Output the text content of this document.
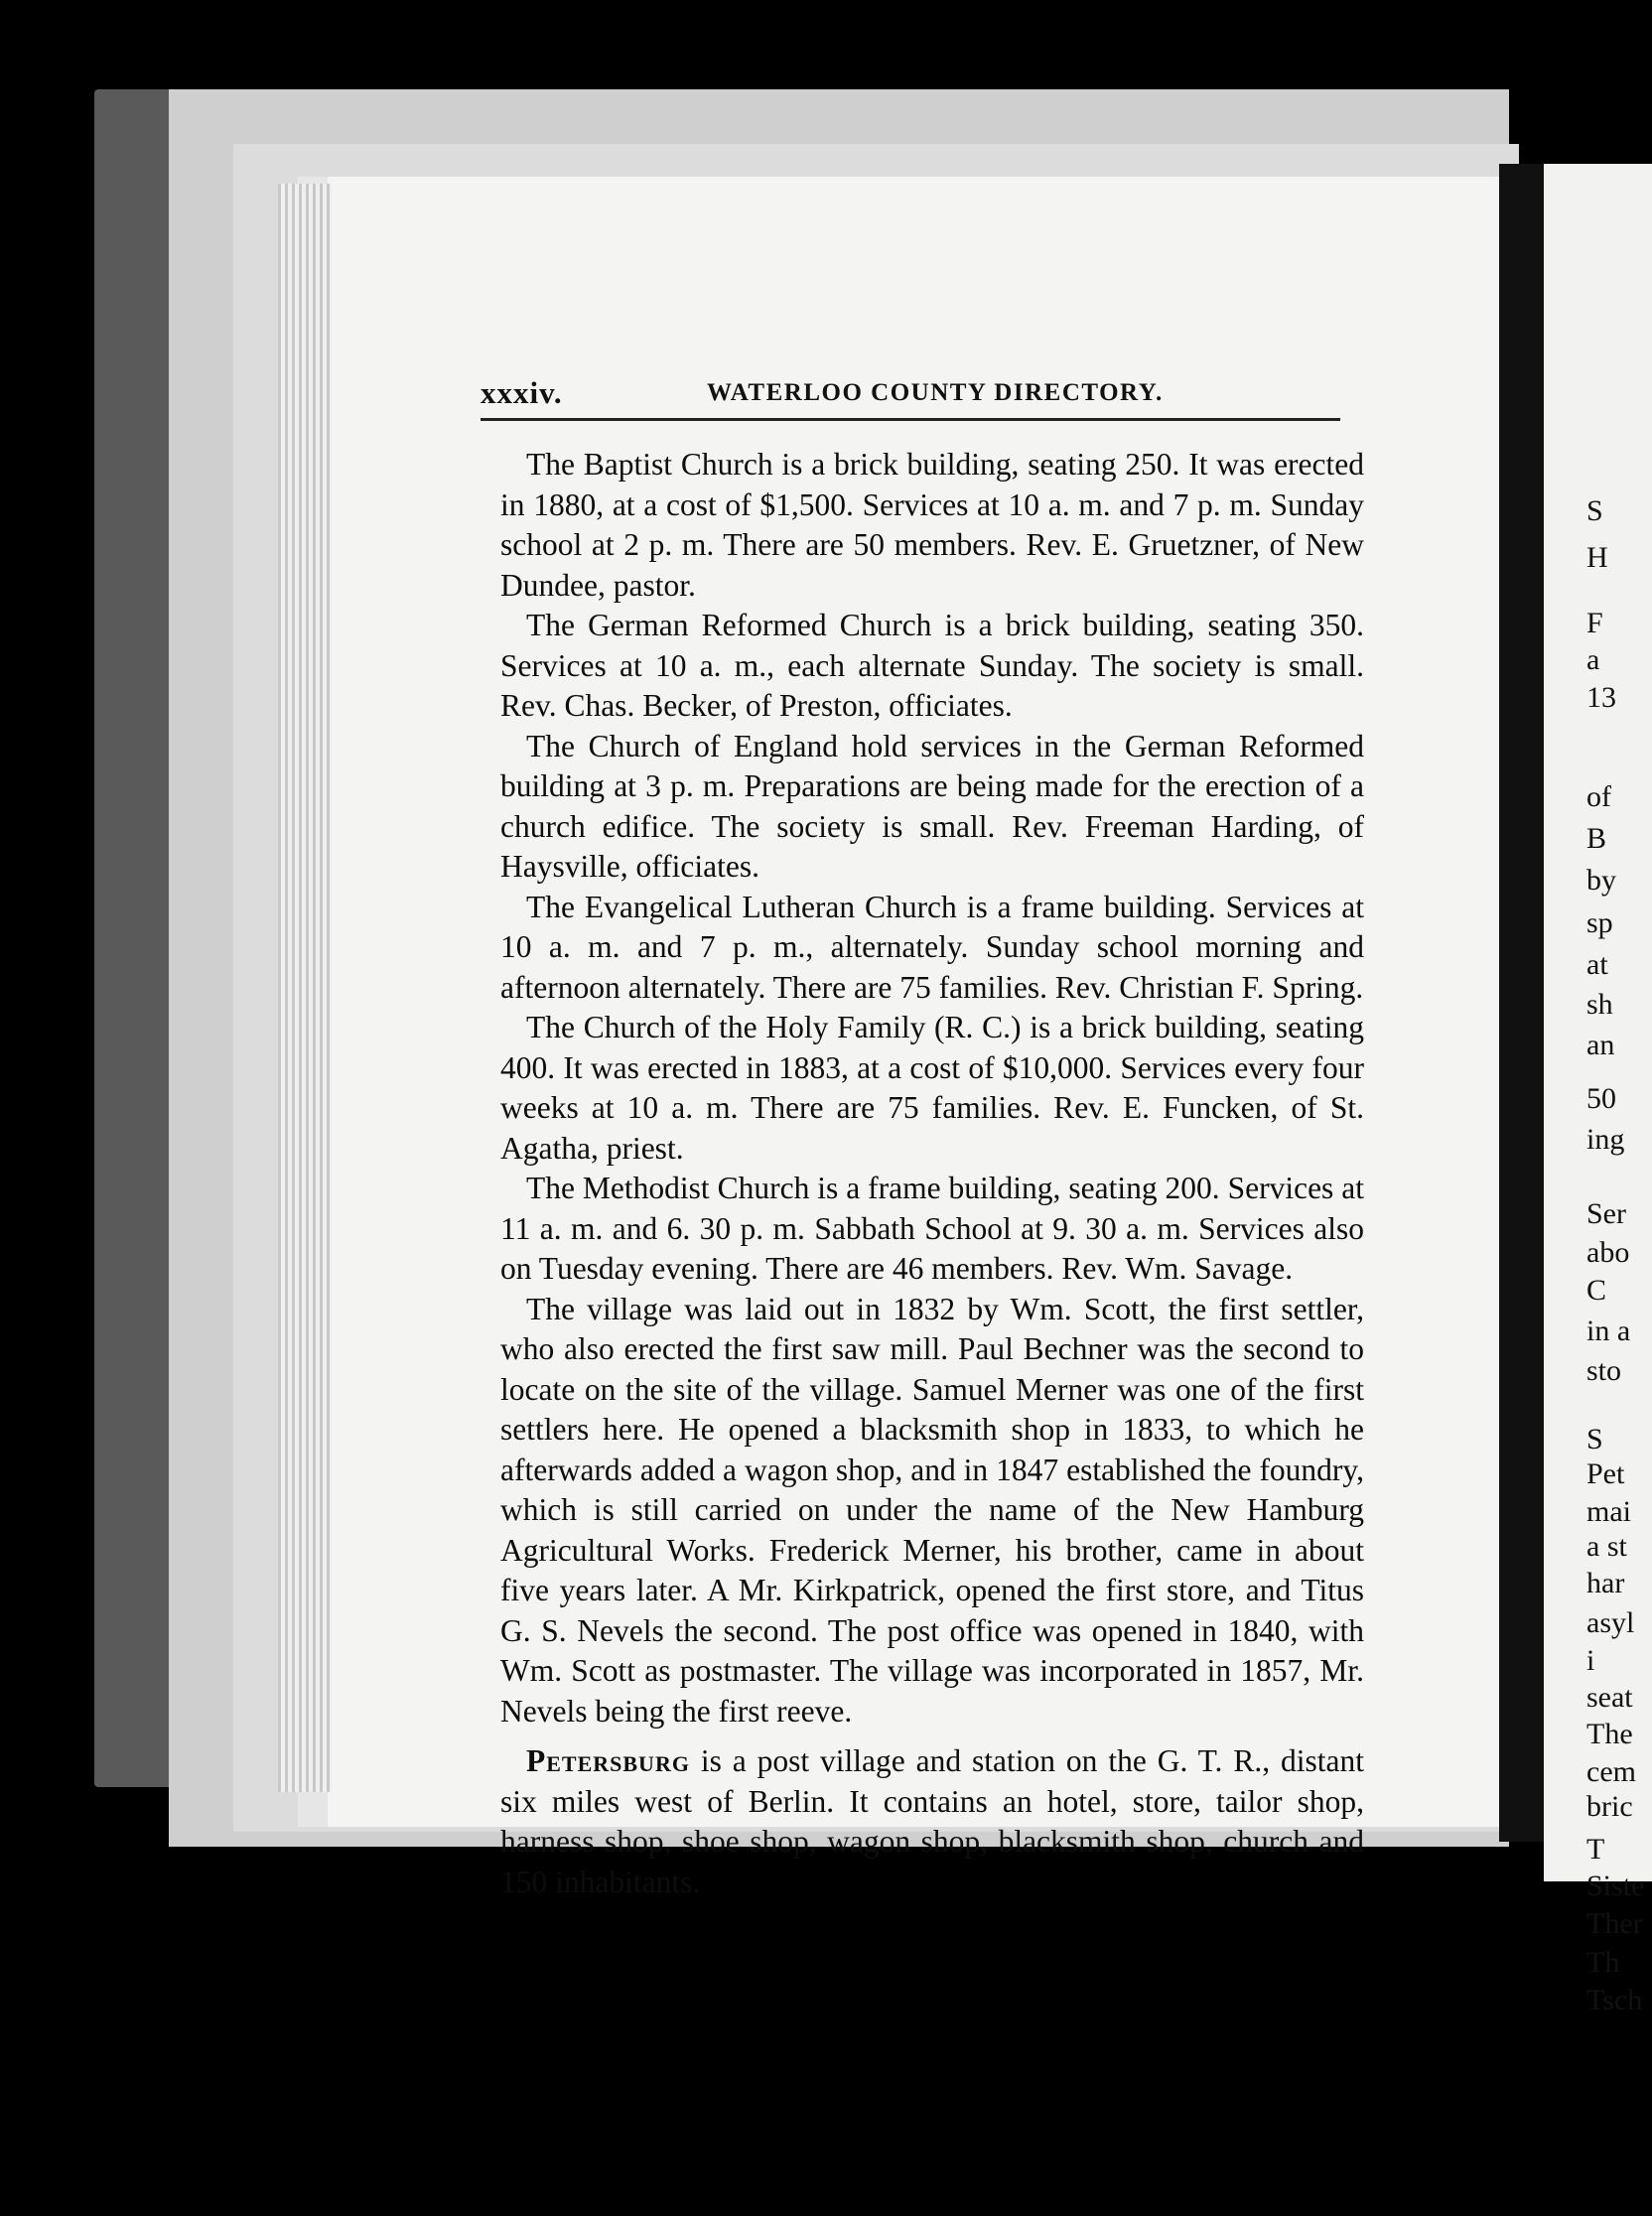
xxxiv.	WATERLOO COUNTY DIRECTORY.

The Baptist Church is a brick building, seating 250. It was erected in 1880, at a cost of $1,500. Services at 10 a. m. and 7 p. m. Sunday school at 2 p. m. There are 50 members. Rev. E. Gruetzner, of New Dundee, pastor.

The German Reformed Church is a brick building, seating 350. Services at 10 a. m., each alternate Sunday. The society is small. Rev. Chas. Becker, of Preston, officiates.

The Church of England hold services in the German Reformed building at 3 p. m. Preparations are being made for the erection of a church edifice. The society is small. Rev. Freeman Harding, of Haysville, officiates.

The Evangelical Lutheran Church is a frame building. Services at 10 a. m. and 7 p. m., alternately. Sunday school morning and afternoon alternately. There are 75 families. Rev. Christian F. Spring.

The Church of the Holy Family (R. C.) is a brick building, seating 400. It was erected in 1883, at a cost of $10,000. Services every four weeks at 10 a. m. There are 75 families. Rev. E. Funcken, of St. Agatha, priest.

The Methodist Church is a frame building, seating 200. Services at 11 a. m. and 6. 30 p. m. Sabbath School at 9. 30 a. m. Services also on Tuesday evening. There are 46 members. Rev. Wm. Savage.

The village was laid out in 1832 by Wm. Scott, the first settler, who also erected the first saw mill. Paul Bechner was the second to locate on the site of the village. Samuel Merner was one of the first settlers here. He opened a blacksmith shop in 1833, to which he afterwards added a wagon shop, and in 1847 established the foundry, which is still carried on under the name of the New Hamburg Agricultural Works. Frederick Merner, his brother, came in about five years later. A Mr. Kirkpatrick, opened the first store, and Titus G. S. Nevels the second. The post office was opened in 1840, with Wm. Scott as postmaster. The village was incorporated in 1857, Mr. Nevels being the first reeve.

Petersburg is a post village and station on the G. T. R., distant six miles west of Berlin. It contains an hotel, store, tailor shop, harness shop, shoe shop, wagon shop, blacksmith shop, church and 150 inhabitants.

S
H
F
a
13
of
B
by
sp
at
sh
an
50
ing
Ser
abo
C
in a
sto
S
Pet
mai
a st
har
asyl
i
seat
The
cem
bric
T
Siste
Ther
Th
Tsch
